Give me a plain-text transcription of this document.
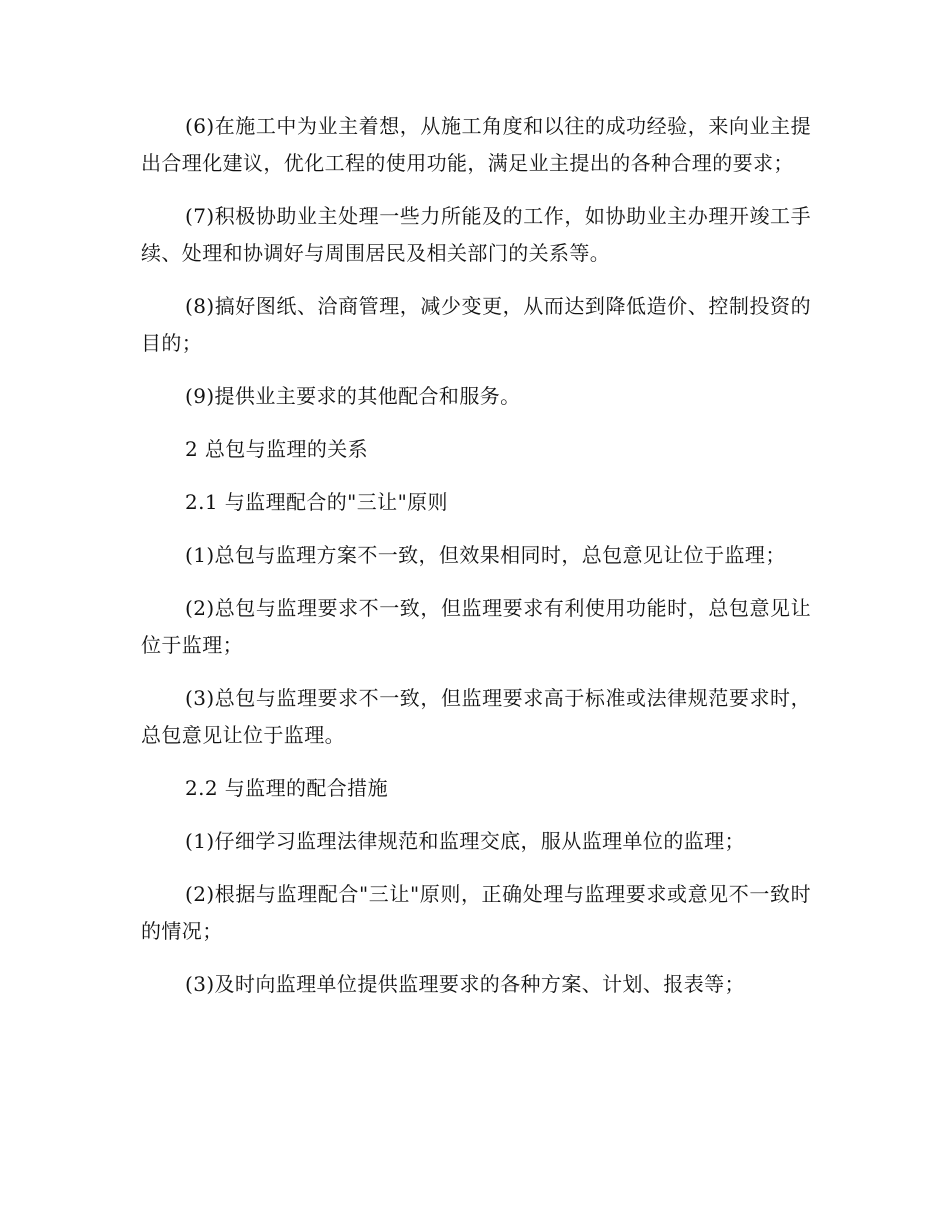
(6)在施工中为业主着想，从施工角度和以往的成功经验，来向业主提出合理化建议，优化工程的使用功能，满足业主提出的各种合理的要求；

(7)积极协助业主处理一些力所能及的工作，如协助业主办理开竣工手续、处理和协调好与周围居民及相关部门的关系等。

(8)搞好图纸、洽商管理，减少变更，从而达到降低造价、控制投资的目的；

(9)提供业主要求的其他配合和服务。

2 总包与监理的关系

2.1 与监理配合的"三让"原则

(1)总包与监理方案不一致，但效果相同时，总包意见让位于监理；

(2)总包与监理要求不一致，但监理要求有利使用功能时，总包意见让位于监理；

(3)总包与监理要求不一致，但监理要求高于标准或法律规范要求时，总包意见让位于监理。

2.2 与监理的配合措施

(1)仔细学习监理法律规范和监理交底，服从监理单位的监理；

(2)根据与监理配合"三让"原则，正确处理与监理要求或意见不一致时的情况；

(3)及时向监理单位提供监理要求的各种方案、计划、报表等；
